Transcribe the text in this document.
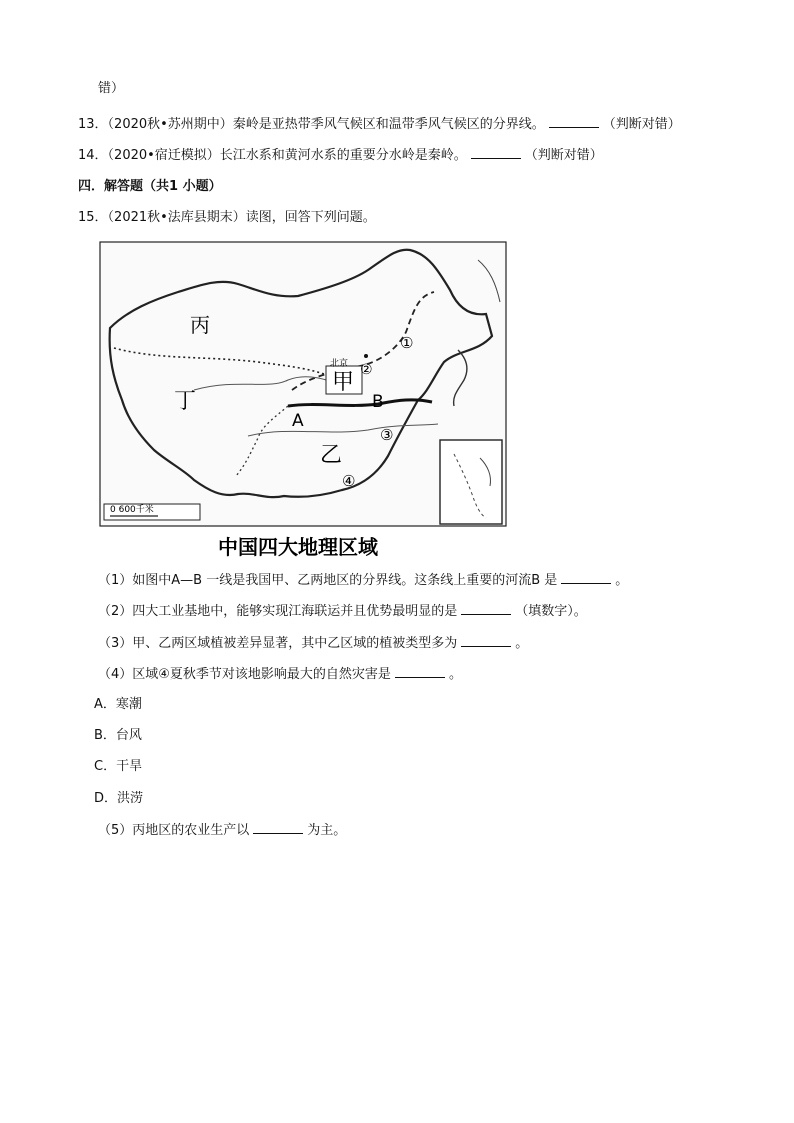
错）
13．（2020秋•苏州期中）秦岭是亚热带季风气候区和温带季风气候区的分界线。	（判断对错）
14．（2020•宿迁模拟）长江水系和黄河水系的重要分水岭是秦岭。	（判断对错）
四．解答题（共1 小题）
15．（2021秋•法库县期末）读图，回答下列问题。
丙
丁
甲
乙
A
B
①
②
③
④
北京
0 600千米
中国四大地理区域
（1）如图中A—B 一线是我国甲、乙两地区的分界线。这条线上重要的河流B 是	。
（2）四大工业基地中，能够实现江海联运并且优势最明显的是	（填数字）。
（3）甲、乙两区域植被差异显著，其中乙区域的植被类型多为	。
（4）区域④夏秋季节对该地影响最大的自然灾害是	。
A．寒潮
B．台风
C．干旱
D．洪涝
（5）丙地区的农业生产以	为主。
